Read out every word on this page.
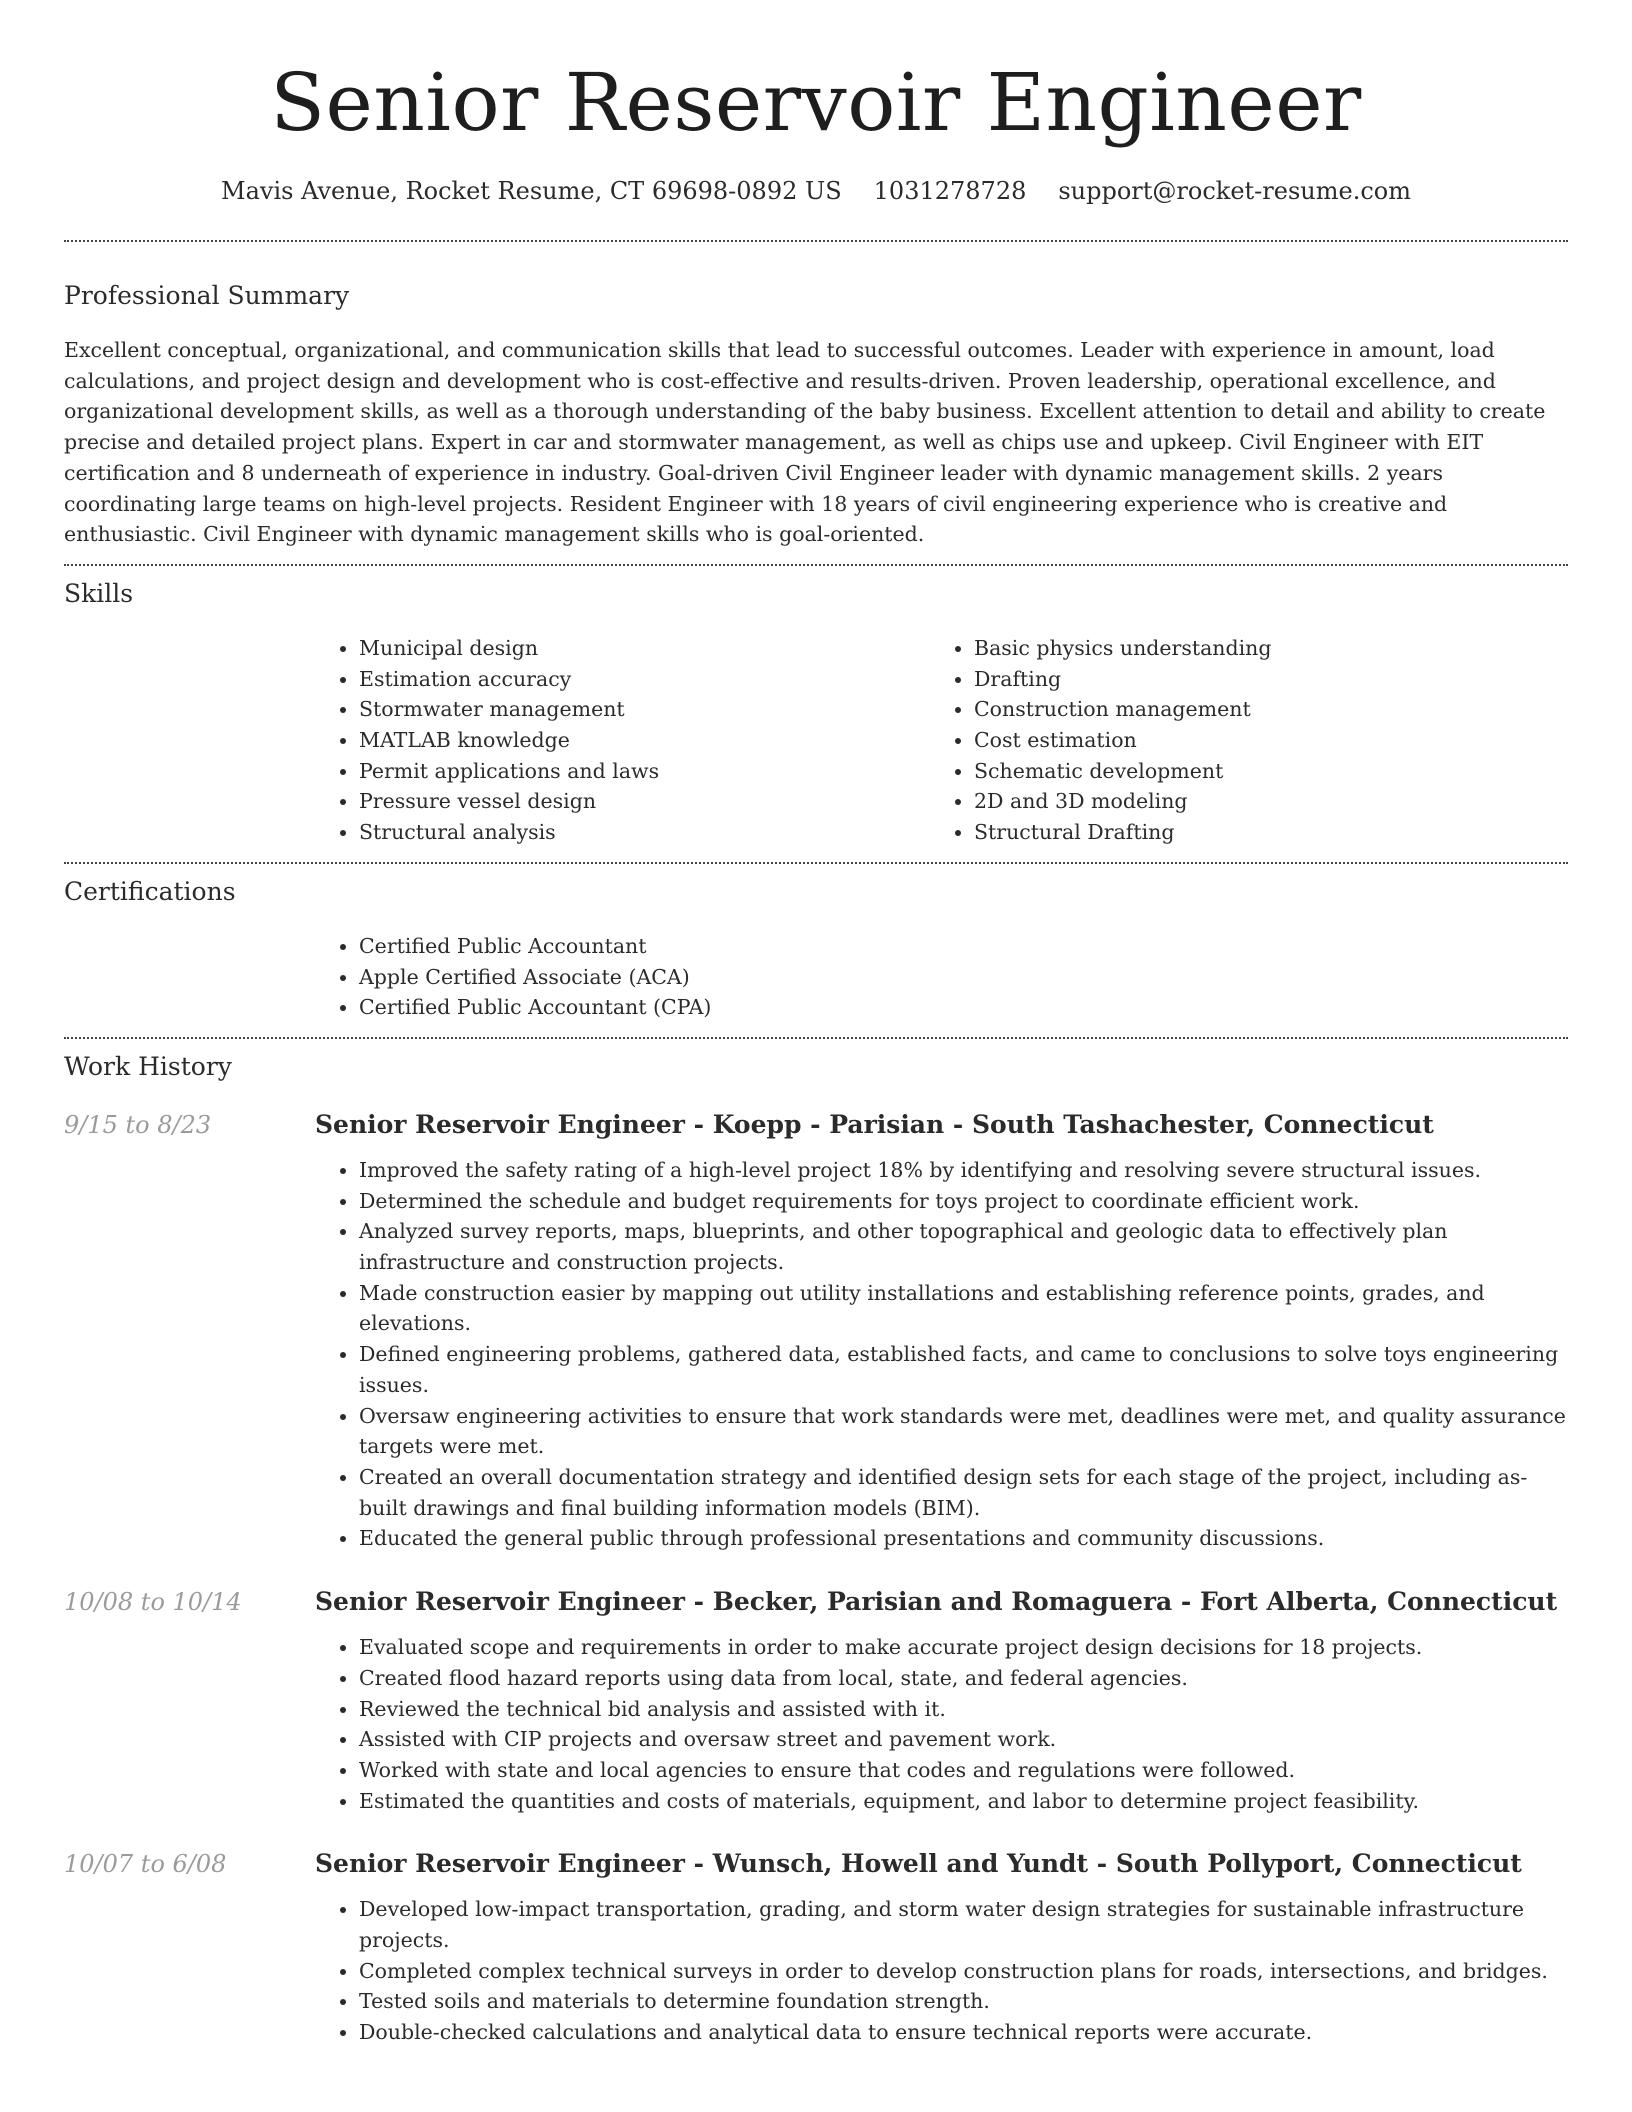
Senior Reservoir Engineer
Mavis Avenue, Rocket Resume, CT 69698-0892 US 1031278728 support@rocket-resume.com
Professional Summary

Excellent conceptual, organizational, and communication skills that lead to successful outcomes. Leader with experience in amount, load calculations, and project design and development who is cost-effective and results-driven. Proven leadership, operational excellence, and organizational development skills, as well as a thorough understanding of the baby business. Excellent attention to detail and ability to create precise and detailed project plans. Expert in car and stormwater management, as well as chips use and upkeep. Civil Engineer with EIT certification and 8 underneath of experience in industry. Goal-driven Civil Engineer leader with dynamic management skills. 2 years coordinating large teams on high-level projects. Resident Engineer with 18 years of civil engineering experience who is creative and enthusiastic. Civil Engineer with dynamic management skills who is goal-oriented.

Skills
• Municipal design
• Estimation accuracy
• Stormwater management
• MATLAB knowledge
• Permit applications and laws
• Pressure vessel design
• Structural analysis
• Basic physics understanding
• Drafting
• Construction management
• Cost estimation
• Schematic development
• 2D and 3D modeling
• Structural Drafting
Certifications
• Certified Public Accountant
• Apple Certified Associate (ACA)
• Certified Public Accountant (CPA)
Work History
9/15 to 8/23	Senior Reservoir Engineer - Koepp - Parisian - South Tashachester, Connecticut
• Improved the safety rating of a high-level project 18% by identifying and resolving severe structural issues.
• Determined the schedule and budget requirements for toys project to coordinate efficient work.
• Analyzed survey reports, maps, blueprints, and other topographical and geologic data to effectively plan infrastructure and construction projects.
• Made construction easier by mapping out utility installations and establishing reference points, grades, and elevations.
• Defined engineering problems, gathered data, established facts, and came to conclusions to solve toys engineering issues.
• Oversaw engineering activities to ensure that work standards were met, deadlines were met, and quality assurance targets were met.
• Created an overall documentation strategy and identified design sets for each stage of the project, including as-built drawings and final building information models (BIM).
• Educated the general public through professional presentations and community discussions.
10/08 to 10/14	Senior Reservoir Engineer - Becker, Parisian and Romaguera - Fort Alberta, Connecticut
• Evaluated scope and requirements in order to make accurate project design decisions for 18 projects.
• Created flood hazard reports using data from local, state, and federal agencies.
• Reviewed the technical bid analysis and assisted with it.
• Assisted with CIP projects and oversaw street and pavement work.
• Worked with state and local agencies to ensure that codes and regulations were followed.
• Estimated the quantities and costs of materials, equipment, and labor to determine project feasibility.
10/07 to 6/08	Senior Reservoir Engineer - Wunsch, Howell and Yundt - South Pollyport, Connecticut
• Developed low-impact transportation, grading, and storm water design strategies for sustainable infrastructure projects.
• Completed complex technical surveys in order to develop construction plans for roads, intersections, and bridges.
• Tested soils and materials to determine foundation strength.
• Double-checked calculations and analytical data to ensure technical reports were accurate.
